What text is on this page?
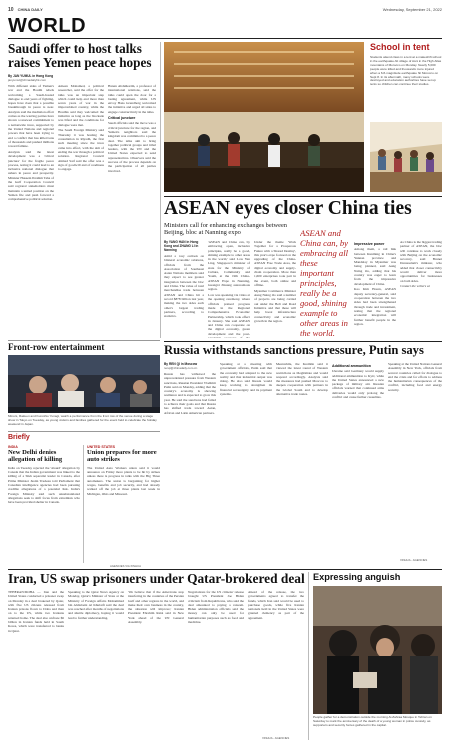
10 CHINA DAILY	Wednesday, September 21, 2022
WORLD
Saudi offer to host talks raises Yemen peace hopes
By JAN YUMUL in Hong Kong
janyumul@chinadailyhk.com

With different sides of Yemen's war and the Houthi rebels welcoming a Saudi-hosted dialogue to end years of fighting, hopes have risen that a possible breakthrough in peace is near. Analysts said the mediation effort comes as the warring parties have shown a renewed commitment to a nationwide truce, supported by the United Nations and regional powers that have been trying to end a conflict that has killed tens of thousands and pushed millions toward famine.

Analysts said the latest development was a 'critical juncture' for the fragile peace process, noting it could lead to an inclusive national dialogue that ushers in peace and prosperity. Minister Hussein Ibrahim Taha of the Gulf Cooperation Council said regional stakeholders must maintain a united position on the Yemen file and push forward a comprehensive political solution.

Ameen Mohamed, a political researcher, said the offer for the talks was an important step which could help end more than seven years of war in the impoverished country, while the Houthis said they welcomed the initiative as long as the blockade was lifted and the conditions for dialogue were met.

The Saudi Foreign Ministry said Thursday it was hosting the consultation in Riyadh, the first such meeting since the truce came into effect, with the aim of ending the war through a political solution. Regional Council Ahmed Saif said the offer was a sign of goodwill and of readiness to engage.

Hanan Abdulkarim, a professor of international relations, said the talks could open the door for a lasting agreement, while UN envoy Hans Grundberg welcomed the initiative and urged all sides to engage constructively in the talks.

Critical juncture

Saudi officials said the move was a critical juncture for the region, and Yemen's neighbors said the kingdom was committed to a peace deal. The talks aim to bring together political groups and tribal leaders, with the UN and the United States expected to send representatives. Observers said the success of the process depends on the participation of all parties involved.

Front-row entertainment
Minors, Rakuen and Kuroshio Yunagi, watch a performance from the front row of the venue during a stage show in Tokyo on Tuesday, as young visitors and families gathered for the event held to celebrate the holiday weekend in Japan.
Briefly
INDIA
New Delhi denies allegation of killing

India on Tuesday rejected the 'absurd' allegation by Canada that the Indian government was linked to the killing of a Sikh separatist leader in Canada, after Prime Minister Justin Trudeau told Parliament that Canadian intelligence agencies had been pursuing credible allegations of a potential link. India's Foreign Ministry said such unsubstantiated allegations seek to shift focus from extremists who have been provided shelter in Canada.

UNITED STATES
Union prepares for more auto strikes

The United Auto Workers union said it would announce on Friday more plants to be hit by strikes unless there is progress in talks with the Big Three automakers. The union is bargaining for higher wages, benefits and job security, and had already walked off the job at three plants last week in Michigan, Ohio and Missouri.

AGENCIES VIA XINHUA
School in tent
Students attend class in a tent at a makeshift school in the earthquake-hit village of Asni in the High Atlas mountains of Morocco on Monday. Nearly 5,000 people were killed and thousands more injured when a 6.8-magnitude earthquake hit Morocco on Sept 8. In its aftermath, many schools were destroyed and education authorities have set up tents so children can continue their studies.
ASEAN eyes closer China ties
Ministers call for enhancing exchanges between Beijing, bloc at Nanning expo
By YANG HAN in Hong Kong and ZHANG LI in Nanning

Amid a rosy outlook on bilateral economic relations, officials from the Association of Southeast Asian Nations members said they expect to see greater integration between the bloc and China. The value of total merchandise trade between ASEAN and China hit a record $878 billion last year, making the two sides each other's largest trading partners, according to statistics.

'ASEAN and China can, by embracing open, inclusive principles, really be a good, shining example to other areas in the world,' said Low Yen Ling, Singapore's minister of state for the Ministry of Culture, Community and Youth, at the 19th China-ASEAN Expo in Nanning, Guangxi Zhuang autonomous region.

Low was speaking via video at the opening ceremony, where officials praised progress made in the Regional Comprehensive Economic Partnership, which took effect in January. She said ASEAN and China can cooperate on the digital economy, green development and the post-

Under the theme 'Work Together for a Prosperous Future with a Shared Destiny', this year's expo focused on the upgrading of the China-ASEAN Free Trade Area, the digital economy and supply-chain cooperation. More than 1,600 enterprises took part in the event, both online and offline.

Myanmar Commerce Minister Aung Naing Oo said a number of projects are being carried out under the Belt and Road Initiative and that these will help boost infrastructure connectivity and economic growth in the region.

ASEAN and China can, by embracing all these important principles, really be a good, shining example to other areas in the world.

Impressive power

Among them, a rail link between Kunming in China's Yunnan province and Mandalay in Myanmar was being planned, said Aung Naing Oo, adding that his country was eager to learn from the impressive development of China.

Kao Kim Hourn, ASEAN deputy secretary-general, said cooperation between the two sides had been strengthened through trade and investment, noting that the regional economic integration will further benefit people in the region.

As China is the biggest trading partner of ASEAN, the bloc will continue to work closely with Beijing on the economic recovery, said Brunei Darussalam's minister, who added that closer connectivity would deliver more opportunities for businesses on both sides.

Contact the writers at

Russia withstands sanctions pressure, Putin says
By REN QI in Moscow
renqi@chinadaily.com.cn

Russia has withstood the unprecedented pressure from Western sanctions, Russian President Vladimir Putin said on Monday, adding that the country's economy is showing resilience and is expected to grow this year. He said the sanctions had failed to achieve their goals and that Russia has shifted trade toward Asian, African and Latin American partners.

Speaking at a meeting with government officials, Putin said that the economy had adapted to the new reality and that industrial output was rising. He also said Russia would keep working to strengthen its financial sovereignty and its payment systems.

Meanwhile, the Kremlin said it viewed the latest round of Western restrictions as illegitimate and would respond accordingly. Analysts said the measures had pushed Moscow to deepen cooperation with partners in the Global South and to develop alternative trade routes.

Additional ammunition

Ukraine said Germany would supply additional ammunition to Kyiv, while the United States announced a new package of military aid. Russian officials warned that continued arms deliveries would only prolong the conflict and cause further casualties.

Speaking at the United Nations General Assembly in New York, officials from several countries called for dialogue to end the crisis and for efforts to address the humanitarian consequences of the conflict, including food and energy security.

XINHUA - AGENCIES
Iran, US swap prisoners under Qatar-brokered deal

TEHERAN/DOHA — Iran and the United States conducted a prisoner swap on Monday in a deal brokered by Qatar, with five US citizens released from Iranian prisons flown to Doha and then on to the US, while two Iranians returned home. The deal also unfroze $6 billion in Iranian funds held in South Korea, which were transferred to banks in Qatar.

Speaking to the Qatar News Agency on Monday, Qatar's Minister of State at the Ministry of Foreign Affairs Mohammed bin Abdulaziz Al Khulaifi said the deal was reached after months of negotiations and shuttle diplomacy, hoping it would lead to further understanding.

'We believe that if the Americans stop interfering in the countries of the Persian Gulf and other regions in the world, and make their own business in the country, the situation will improve,' Iranian President Ebrahim Raisi said in New York ahead of the UN General Assembly.

Negotiations for the US citizens' release brought US President Joe Biden criticism from Republicans, who said the deal amounted to paying a ransom. Biden administration officials said the money can only be used for humanitarian purposes such as food and medicine.

Ahead of the release, the two governments agreed to transfer the funds, which Iran said would be used to purchase goods, while five Iranian nationals held in the United States were granted clemency as part of the agreement.

XINHUA - AGENCIES
Expressing anguish
People gather for a demonstration outside the morning Al-Zahraa Mosque in Tehran on Saturday to mark the anniversary of the death of a young woman in police custody, as supporters and security forces gathered in the capital.
